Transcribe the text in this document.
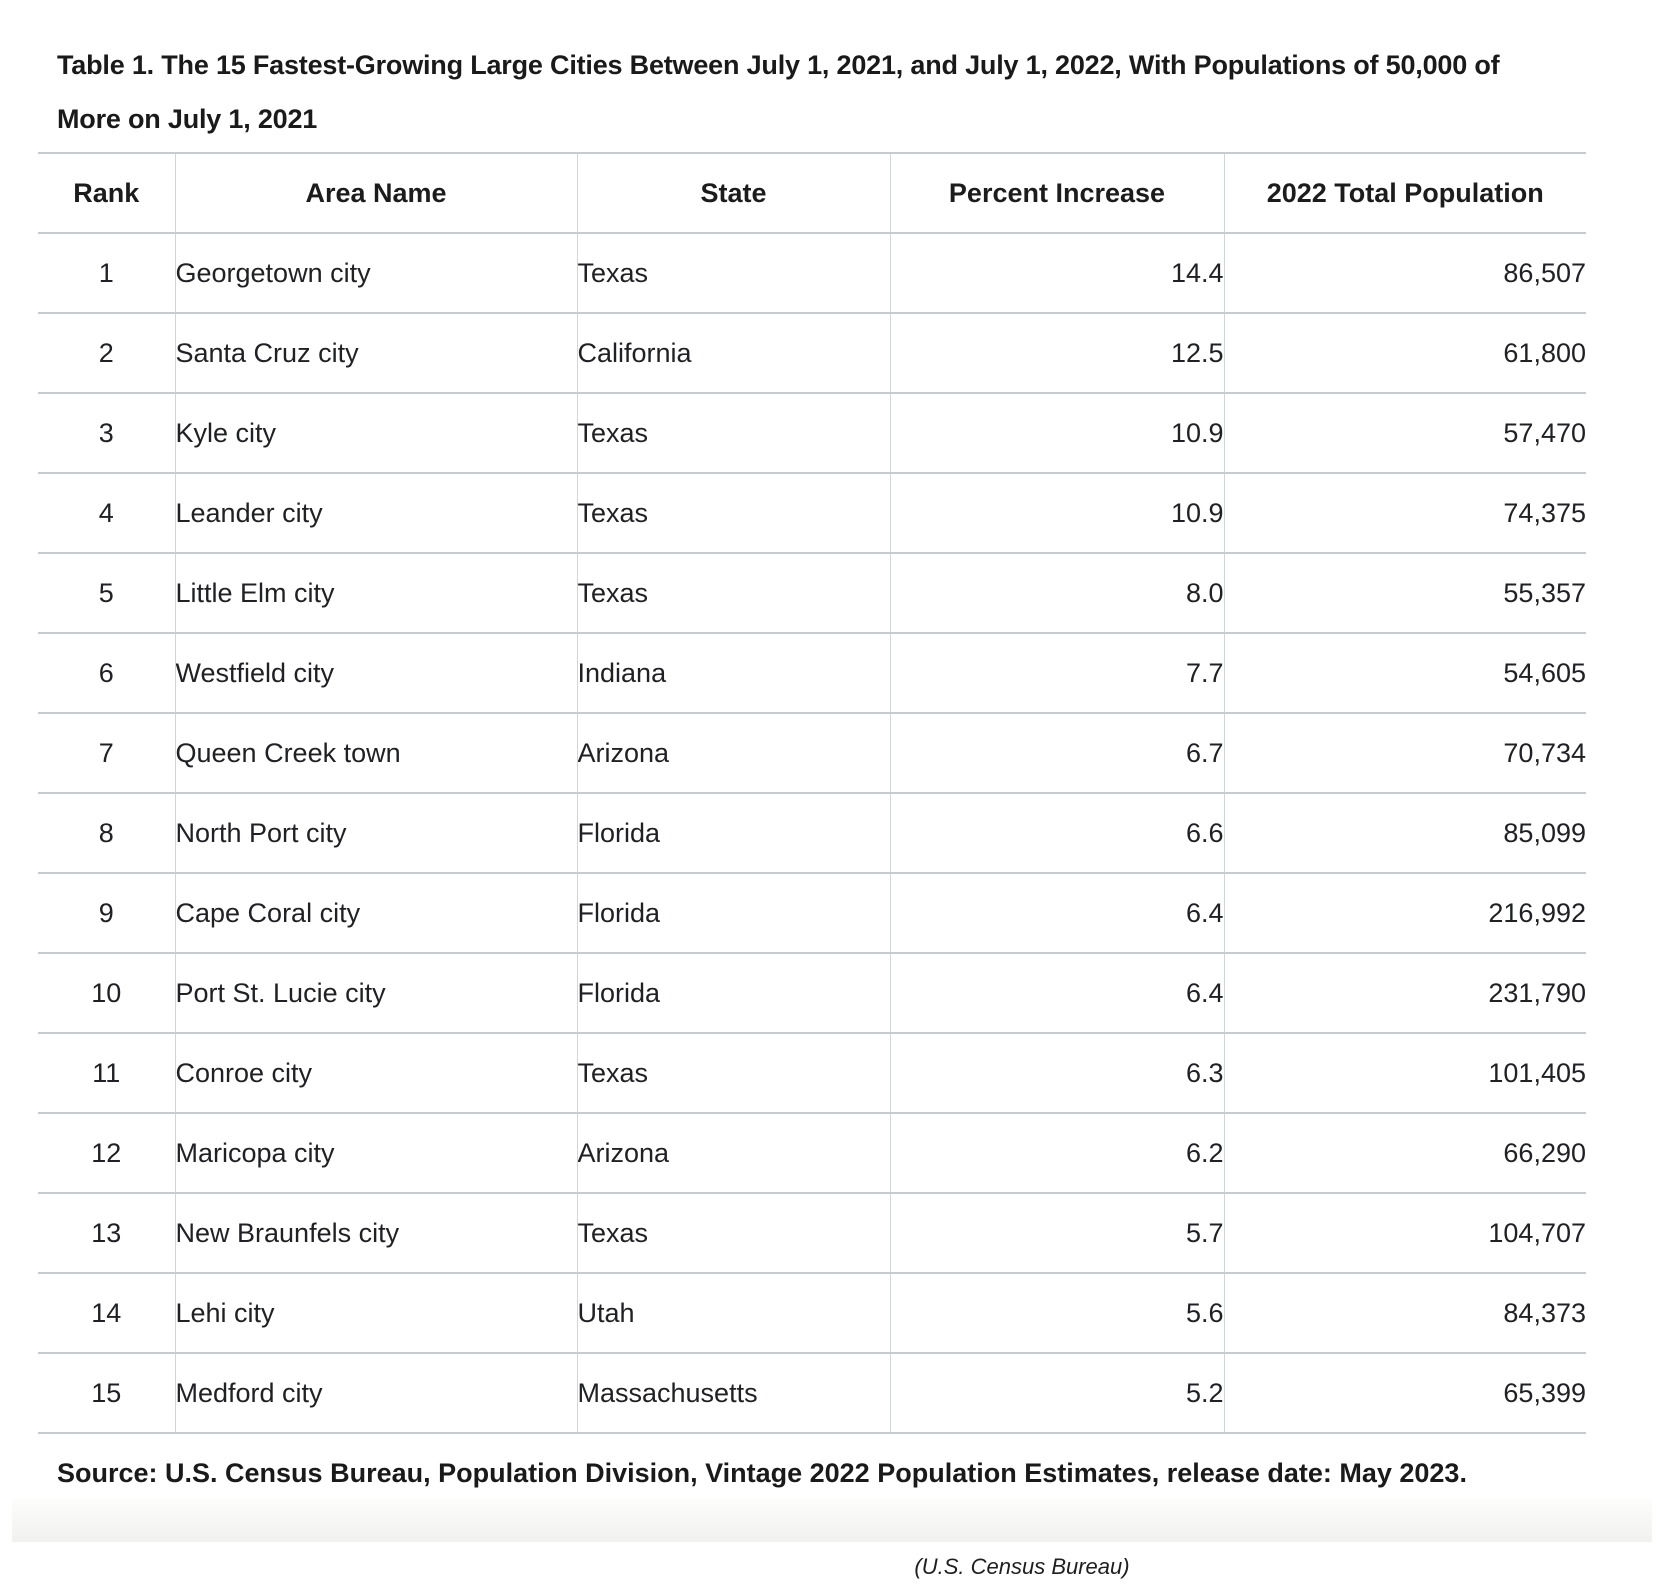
Table 1. The 15 Fastest-Growing Large Cities Between July 1, 2021, and July 1, 2022, With Populations of 50,000 of More on July 1, 2021
Rank	Area Name	State	Percent Increase	2022 Total Population
1	Georgetown city	Texas	14.4	86,507
2	Santa Cruz city	California	12.5	61,800
3	Kyle city	Texas	10.9	57,470
4	Leander city	Texas	10.9	74,375
5	Little Elm city	Texas	8.0	55,357
6	Westfield city	Indiana	7.7	54,605
7	Queen Creek town	Arizona	6.7	70,734
8	North Port city	Florida	6.6	85,099
9	Cape Coral city	Florida	6.4	216,992
10	Port St. Lucie city	Florida	6.4	231,790
11	Conroe city	Texas	6.3	101,405
12	Maricopa city	Arizona	6.2	66,290
13	New Braunfels city	Texas	5.7	104,707
14	Lehi city	Utah	5.6	84,373
15	Medford city	Massachusetts	5.2	65,399

Source: U.S. Census Bureau, Population Division, Vintage 2022 Population Estimates, release date: May 2023.

(U.S. Census Bureau)
